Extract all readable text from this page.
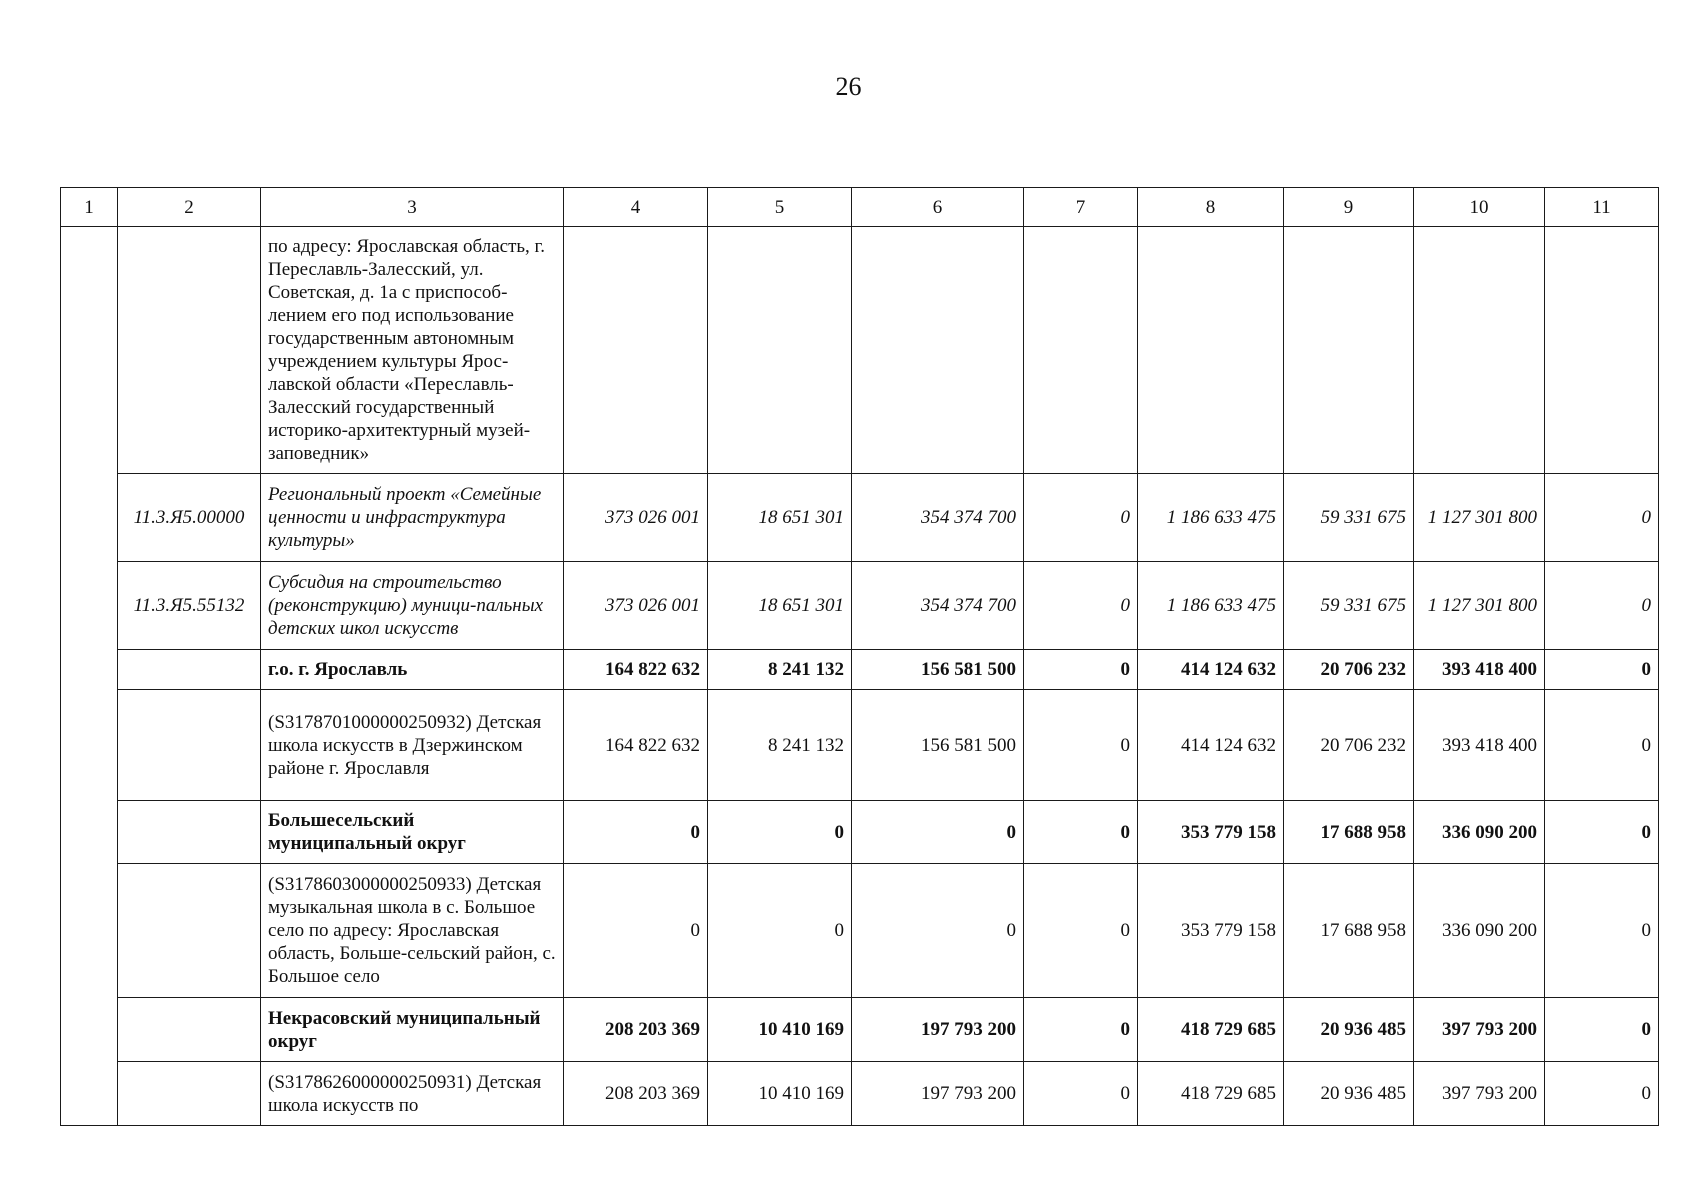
26
1	2	3	4	5	6	7	8	9	10	11
		по адресу: Ярославская область, г. Переславль-Залесский, ул. Советская, д. 1а с приспособ-лением его под использование государственным автономным учреждением культуры Ярос-лавской области «Переславль-Залесский государственный историко-архитектурный музей-заповедник»								
	11.3.Я5.00000	Региональный проект «Семейные ценности и инфраструктура культуры»	373 026 001	18 651 301	354 374 700	0	1 186 633 475	59 331 675	1 127 301 800	0
	11.3.Я5.55132	Субсидия на строительство (реконструкцию) муници-пальных детских школ искусств	373 026 001	18 651 301	354 374 700	0	1 186 633 475	59 331 675	1 127 301 800	0
		г.о. г. Ярославль	164 822 632	8 241 132	156 581 500	0	414 124 632	20 706 232	393 418 400	0
		(S3178701000000250932) Детская школа искусств в Дзержинском районе г. Ярославля	164 822 632	8 241 132	156 581 500	0	414 124 632	20 706 232	393 418 400	0
		Большесельский муниципальный округ	0	0	0	0	353 779 158	17 688 958	336 090 200	0
		(S3178603000000250933) Детская музыкальная школа в с. Большое село по адресу: Ярославская область, Больше-сельский район, с. Большое село	0	0	0	0	353 779 158	17 688 958	336 090 200	0
		Некрасовский муниципальный округ	208 203 369	10 410 169	197 793 200	0	418 729 685	20 936 485	397 793 200	0
		(S3178626000000250931) Детская школа искусств по	208 203 369	10 410 169	197 793 200	0	418 729 685	20 936 485	397 793 200	0
